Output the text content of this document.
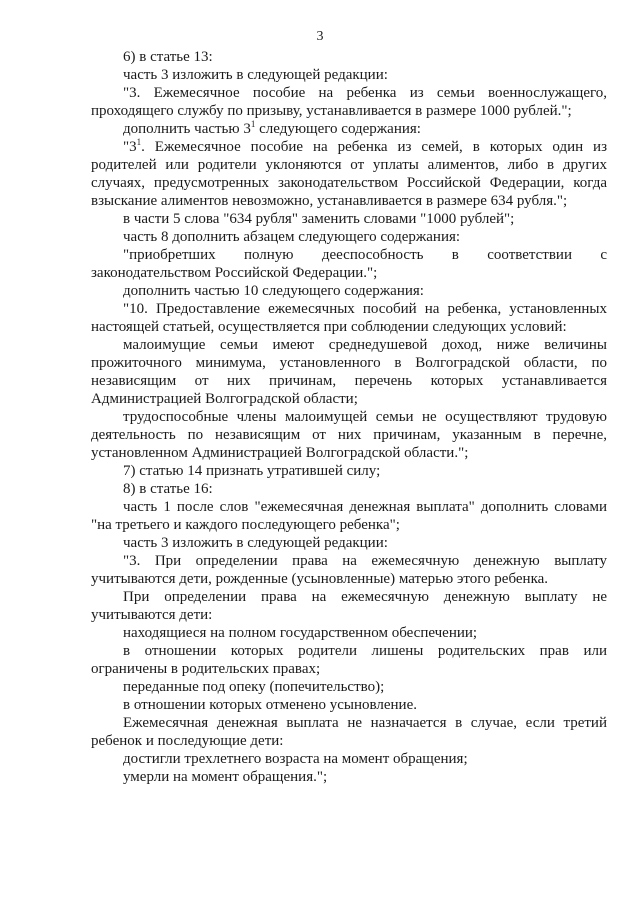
3

6) в статье 13:

часть 3 изложить в следующей редакции:

"3. Ежемесячное пособие на ребенка из семьи военнослужащего, проходящего службу по призыву, устанавливается в размере 1000 рублей.";

дополнить частью $3^1$ следующего содержания:

"$3^1$. Ежемесячное пособие на ребенка из семей, в которых один из родителей или родители уклоняются от уплаты алиментов, либо в других случаях, предусмотренных законодательством Российской Федерации, когда взыскание алиментов невозможно, устанавливается в размере 634 рубля.";

в части 5 слова "634 рубля" заменить словами "1000 рублей";

часть 8 дополнить абзацем следующего содержания:

"приобретших полную дееспособность в соответствии с законодательством Российской Федерации.";

дополнить частью 10 следующего содержания:

"10. Предоставление ежемесячных пособий на ребенка, установленных настоящей статьей, осуществляется при соблюдении следующих условий:

малоимущие семьи имеют среднедушевой доход, ниже величины прожиточного минимума, установленного в Волгоградской области, по независящим от них причинам, перечень которых устанавливается Администрацией Волгоградской области;

трудоспособные члены малоимущей семьи не осуществляют трудовую деятельность по независящим от них причинам, указанным в перечне, установленном Администрацией Волгоградской области.";

7) статью 14 признать утратившей силу;

8) в статье 16:

часть 1 после слов "ежемесячная денежная выплата" дополнить словами "на третьего и каждого последующего ребенка";

часть 3 изложить в следующей редакции:

"3. При определении права на ежемесячную денежную выплату учитываются дети, рожденные (усыновленные) матерью этого ребенка.

При определении права на ежемесячную денежную выплату не учитываются дети:

находящиеся на полном государственном обеспечении;

в отношении которых родители лишены родительских прав или ограничены в родительских правах;

переданные под опеку (попечительство);

в отношении которых отменено усыновление.

Ежемесячная денежная выплата не назначается в случае, если третий ребенок и последующие дети:

достигли трехлетнего возраста на момент обращения;

умерли на момент обращения.";
